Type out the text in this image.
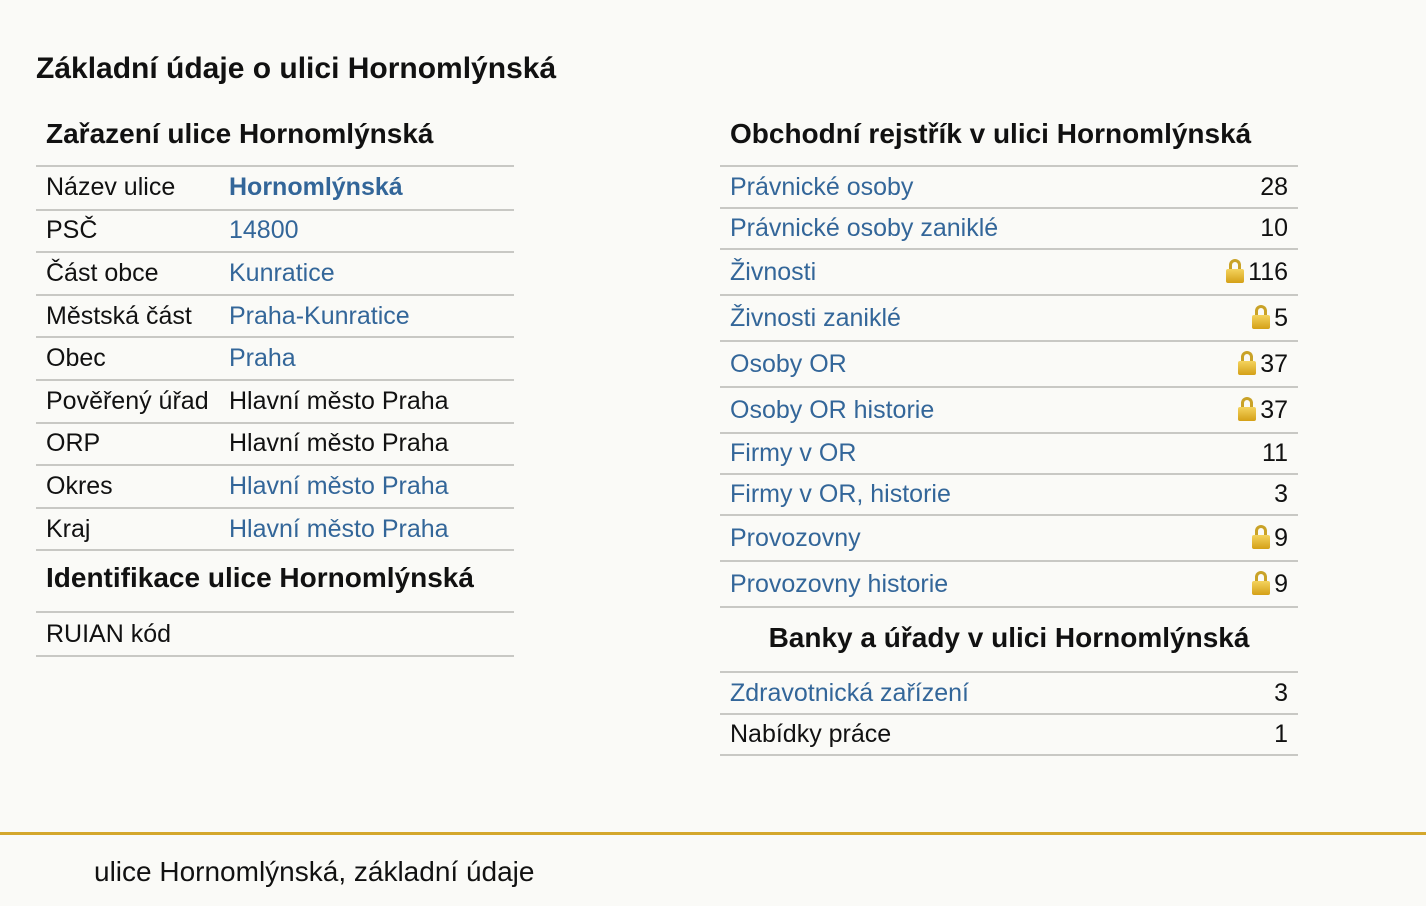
Základní údaje o ulici Hornomlýnská
Zařazení ulice Hornomlýnská
Název ulice	Hornomlýnská
PSČ	14800
Část obce	Kunratice
Městská část	Praha-Kunratice
Obec	Praha
Pověřený úřad	Hlavní město Praha
ORP	Hlavní město Praha
Okres	Hlavní město Praha
Kraj	Hlavní město Praha
Identifikace ulice Hornomlýnská
RUIAN kód	
Obchodní rejstřík v ulici Hornomlýnská
Právnické osoby	28
Právnické osoby zaniklé	10
Živnosti	116
Živnosti zaniklé	5
Osoby OR	37
Osoby OR historie	37
Firmy v OR	11
Firmy v OR, historie	3
Provozovny	9
Provozovny historie	9
Banky a úřady v ulici Hornomlýnská
Zdravotnická zařízení	3
Nabídky práce	1
ulice Hornomlýnská, základní údaje
